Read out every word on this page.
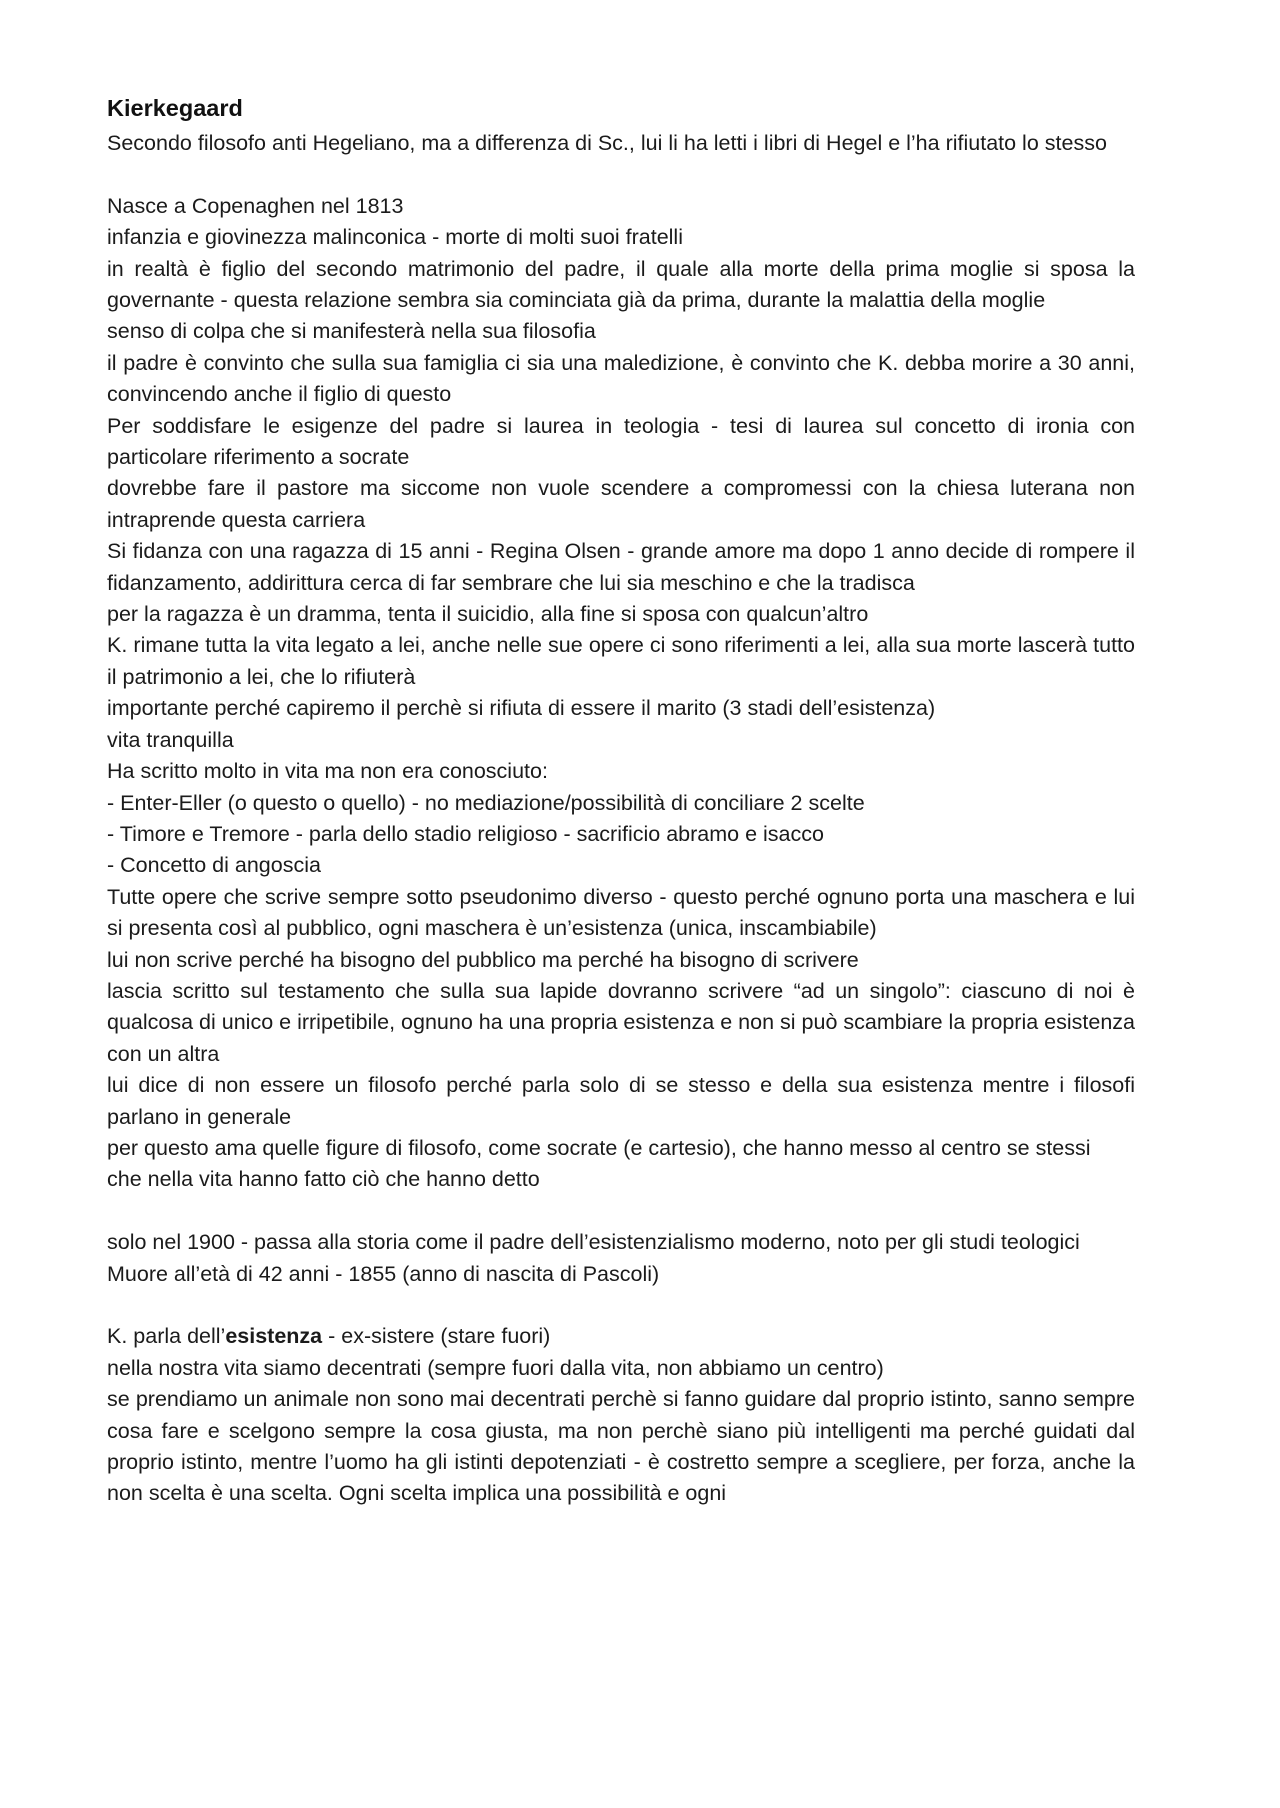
Kierkegaard

Secondo filosofo anti Hegeliano, ma a differenza di Sc., lui li ha letti i libri di Hegel e l’ha rifiutato lo stesso

Nasce a Copenaghen nel 1813

infanzia e giovinezza malinconica - morte di molti suoi fratelli

in realtà è figlio del secondo matrimonio del padre, il quale alla morte della prima moglie si sposa la governante - questa relazione sembra sia cominciata già da prima, durante la malattia della moglie

senso di colpa che si manifesterà nella sua filosofia

il padre è convinto che sulla sua famiglia ci sia una maledizione, è convinto che K. debba morire a 30 anni, convincendo anche il figlio di questo

Per soddisfare le esigenze del padre si laurea in teologia - tesi di laurea sul concetto di ironia con particolare riferimento a socrate

dovrebbe fare il pastore ma siccome non vuole scendere a compromessi con la chiesa luterana non intraprende questa carriera

Si fidanza con una ragazza di 15 anni - Regina Olsen - grande amore ma dopo 1 anno decide di rompere il fidanzamento, addirittura cerca di far sembrare che lui sia meschino e che la tradisca

per la ragazza è un dramma, tenta il suicidio, alla fine si sposa con qualcun’altro

K. rimane tutta la vita legato a lei, anche nelle sue opere ci sono riferimenti a lei, alla sua morte lascerà tutto il patrimonio a lei, che lo rifiuterà

importante perché capiremo il perchè si rifiuta di essere il marito (3 stadi dell’esistenza)

vita tranquilla

Ha scritto molto in vita ma non era conosciuto:

- Enter-Eller (o questo o quello) - no mediazione/possibilità di conciliare 2 scelte

- Timore e Tremore - parla dello stadio religioso - sacrificio abramo e isacco

- Concetto di angoscia

Tutte opere che scrive sempre sotto pseudonimo diverso - questo perché ognuno porta una maschera e lui si presenta così al pubblico, ogni maschera è un’esistenza (unica, inscambiabile)

lui non scrive perché ha bisogno del pubblico ma perché ha bisogno di scrivere

lascia scritto sul testamento che sulla sua lapide dovranno scrivere “ad un singolo”: ciascuno di noi è qualcosa di unico e irripetibile, ognuno ha una propria esistenza e non si può scambiare la propria esistenza con un altra

lui dice di non essere un filosofo perché parla solo di se stesso e della sua esistenza mentre i filosofi parlano in generale

per questo ama quelle figure di filosofo, come socrate (e cartesio), che hanno messo al centro se stessi

che nella vita hanno fatto ciò che hanno detto

solo nel 1900 - passa alla storia come il padre dell’esistenzialismo moderno, noto per gli studi teologici

Muore all’età di 42 anni - 1855 (anno di nascita di Pascoli)

K. parla dell’esistenza - ex-sistere (stare fuori)

nella nostra vita siamo decentrati (sempre fuori dalla vita, non abbiamo un centro)

se prendiamo un animale non sono mai decentrati perchè si fanno guidare dal proprio istinto, sanno sempre cosa fare e scelgono sempre la cosa giusta, ma non perchè siano più intelligenti ma perché guidati dal proprio istinto, mentre l’uomo ha gli istinti depotenziati - è costretto sempre a scegliere, per forza, anche la non scelta è una scelta. Ogni scelta implica una possibilità e ogni
